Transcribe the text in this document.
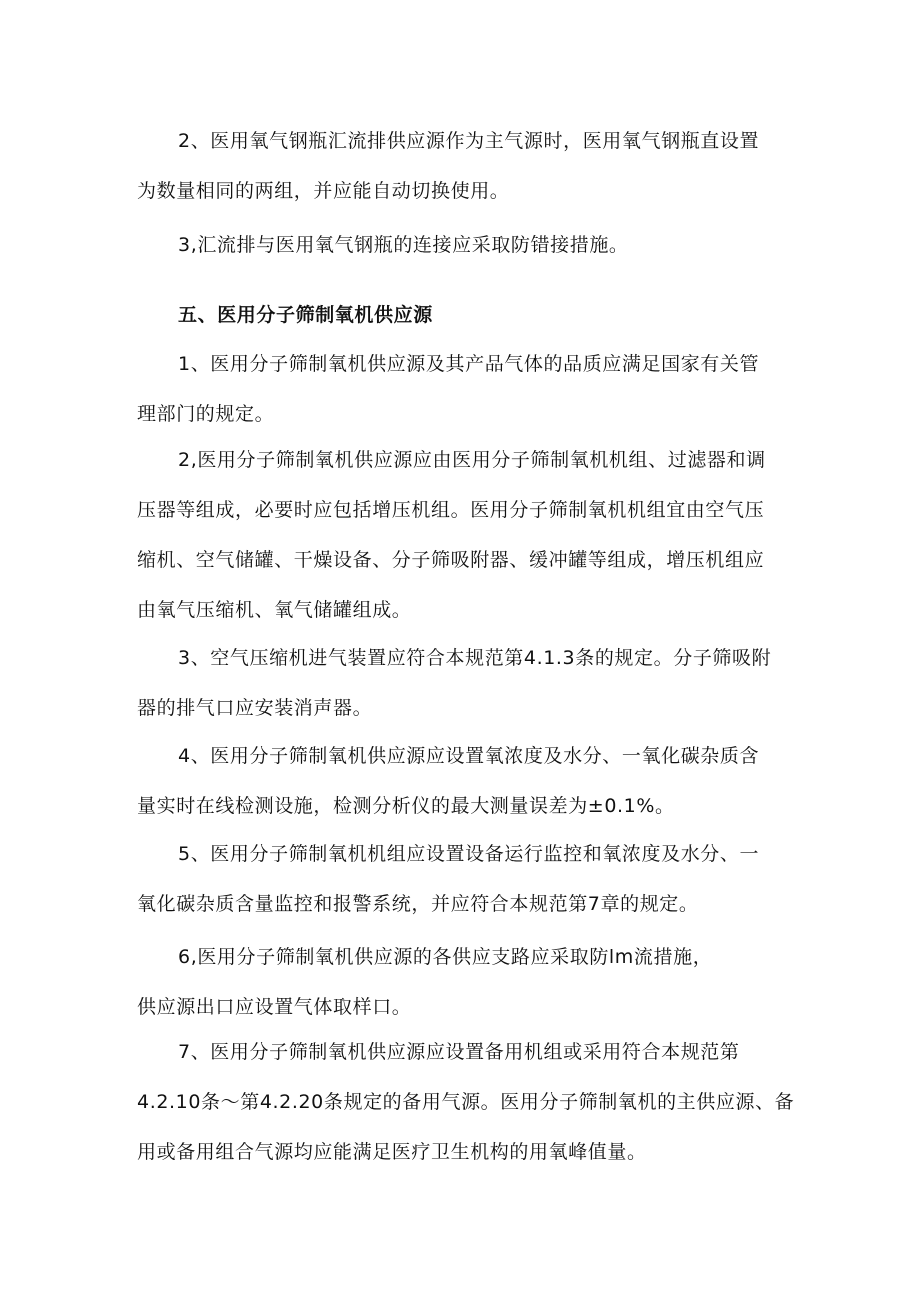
2、医用氧气钢瓶汇流排供应源作为主气源时，医用氧气钢瓶直设置
为数量相同的两组，并应能自动切换使用。
3,汇流排与医用氧气钢瓶的连接应采取防错接措施。
五、医用分子筛制氧机供应源
1、医用分子筛制氧机供应源及其产品气体的品质应满足国家有关管
理部门的规定。
2,医用分子筛制氧机供应源应由医用分子筛制氧机机组、过滤器和调
压器等组成，必要时应包括增压机组。医用分子筛制氧机机组宜由空气压
缩机、空气储罐、干燥设备、分子筛吸附器、缓冲罐等组成，增压机组应
由氧气压缩机、氧气储罐组成。
3、空气压缩机进气装置应符合本规范第4.1.3条的规定。分子筛吸附
器的排气口应安装消声器。
4、医用分子筛制氧机供应源应设置氧浓度及水分、一氧化碳杂质含
量实时在线检测设施，检测分析仪的最大测量误差为±0.1%。
5、医用分子筛制氧机机组应设置设备运行监控和氧浓度及水分、一
氧化碳杂质含量监控和报警系统，并应符合本规范第7章的规定。
6,医用分子筛制氧机供应源的各供应支路应采取防lm流措施，
供应源出口应设置气体取样口。
7、医用分子筛制氧机供应源应设置备用机组或采用符合本规范第
4.2.10条～第4.2.20条规定的备用气源。医用分子筛制氧机的主供应源、备
用或备用组合气源均应能满足医疗卫生机构的用氧峰值量。
